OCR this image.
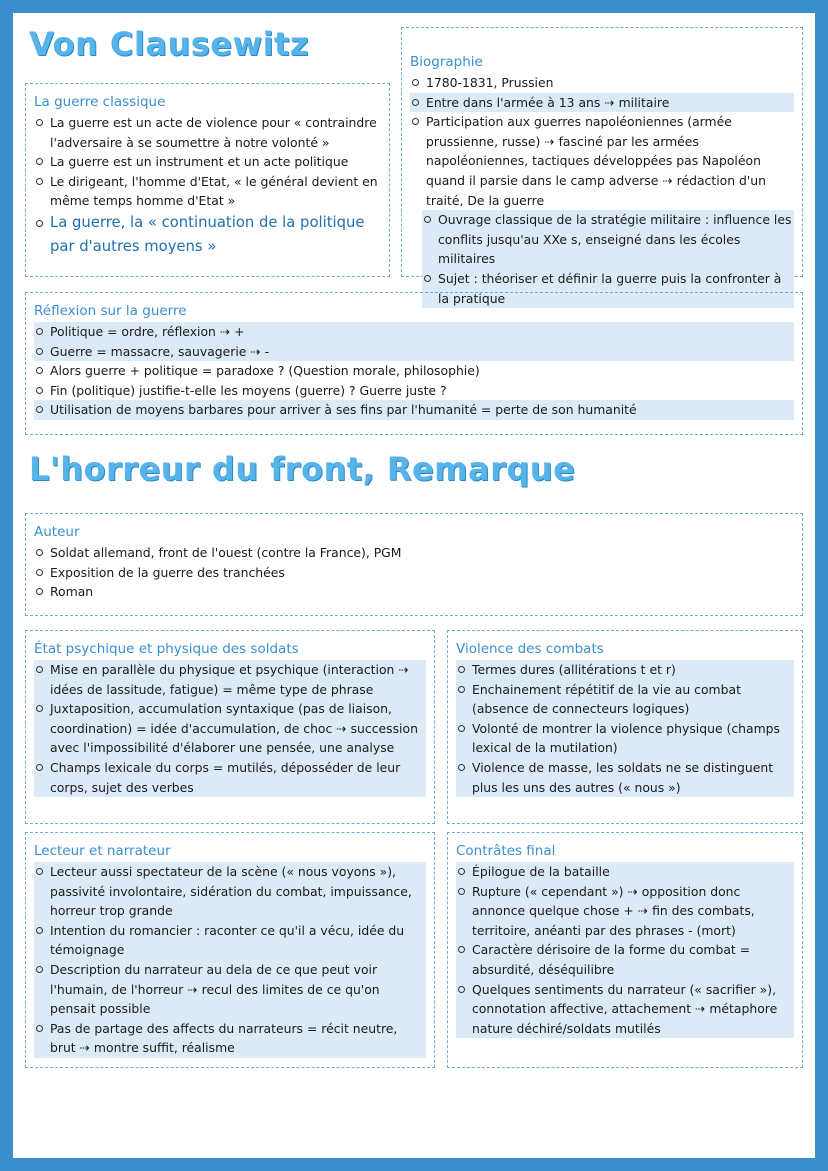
Von Clausewitz
La guerre classique
La guerre est un acte de violence pour « contraindre l'adversaire à se soumettre à notre volonté »
La guerre est un instrument et un acte politique
Le dirigeant, l'homme d'Etat, « le général devient en même temps homme d'Etat »
La guerre, la « continuation de la politique par d'autres moyens »
Biographie
1780-1831, Prussien
Entre dans l'armée à 13 ans ⇢ militaire
Participation aux guerres napoléoniennes (armée prussienne, russe) ⇢ fasciné par les armées napoléoniennes, tactiques développées pas Napoléon quand il parsie dans le camp adverse ⇢ rédaction d'un traité, De la guerre
Ouvrage classique de la stratégie militaire : influence les conflits jusqu'au XXe s, enseigné dans les écoles militaires
Sujet : théoriser et définir la guerre puis la confronter à la pratique
Réflexion sur la guerre
Politique = ordre, réflexion ⇢ +
Guerre = massacre, sauvagerie ⇢ -
Alors guerre + politique = paradoxe ? (Question morale, philosophie)
Fin (politique) justifie-t-elle les moyens (guerre) ? Guerre juste ?
Utilisation de moyens barbares pour arriver à ses fins par l'humanité = perte de son humanité
L'horreur du front, Remarque
Auteur
Soldat allemand, front de l'ouest (contre la France), PGM
Exposition de la guerre des tranchées
Roman
État psychique et physique des soldats
Mise en parallèle du physique et psychique (interaction ⇢ idées de lassitude, fatigue) = même type de phrase
Juxtaposition, accumulation syntaxique (pas de liaison, coordination) = idée d'accumulation, de choc ⇢ succession avec l'impossibilité d'élaborer une pensée, une analyse
Champs lexicale du corps = mutilés, déposséder de leur corps, sujet des verbes
Violence des combats
Termes dures (allitérations t et r)
Enchainement répétitif de la vie au combat (absence de connecteurs logiques)
Volonté de montrer la violence physique (champs lexical de la mutilation)
Violence de masse, les soldats ne se distinguent plus les uns des autres (« nous »)
Lecteur et narrateur
Lecteur aussi spectateur de la scène (« nous voyons »), passivité involontaire, sidération du combat, impuissance, horreur trop grande
Intention du romancier : raconter ce qu'il a vécu, idée du témoignage
Description du narrateur au dela de ce que peut voir l'humain, de l'horreur ⇢ recul des limites de ce qu'on pensait possible
Pas de partage des affects du narrateurs = récit neutre, brut ⇢ montre suffit, réalisme
Contrâtes final
Épilogue de la bataille
Rupture (« cependant ») ⇢ opposition donc annonce quelque chose + ⇢ fin des combats, territoire, anéanti par des phrases - (mort)
Caractère dérisoire de la forme du combat = absurdité, déséquilibre
Quelques sentiments du narrateur (« sacrifier »), connotation affective, attachement ⇢ métaphore nature déchiré/soldats mutilés
